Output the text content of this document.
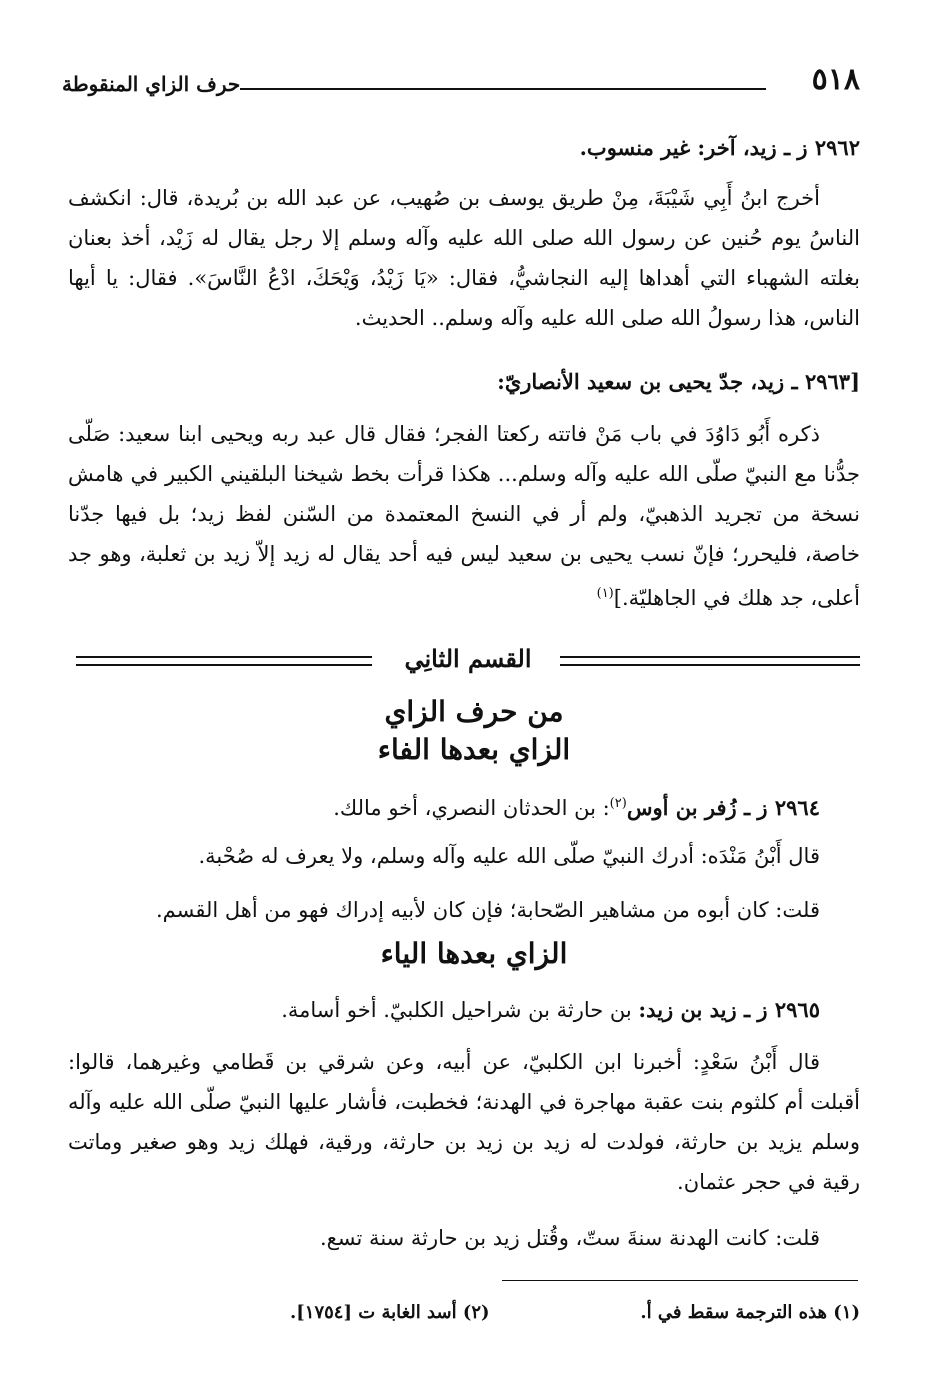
٥١٨
حرف الزاي المنقوطة
٢٩٦٢ ز ـ زيد، آخر: غير منسوب.
أخرج ابنُ أَبِي شَيْبَةَ، مِنْ طريق يوسف بن صُهيب، عن عبد الله بن بُريدة، قال: انكشف الناسُ يوم حُنين عن رسول الله صلى الله عليه وآله وسلم إلا رجل يقال له زَيْد، أخذ بعنان بغلته الشهباء التي أهداها إليه النجاشيُّ، فقال: «يَا زَيْدُ، وَيْحَكَ، ادْعُ النَّاسَ». فقال: يا أيها الناس، هذا رسولُ الله صلى الله عليه وآله وسلم.. الحديث.
[٢٩٦٣ ـ زيد، جدّ يحيى بن سعيد الأنصاريّ:
ذكره أَبُو دَاوُدَ في باب مَنْ فاتته ركعتا الفجر؛ فقال قال عبد ربه ويحيى ابنا سعيد: صَلّى جدُّنا مع النبيّ صلّى الله عليه وآله وسلم... هكذا قرأت بخط شيخنا البلقيني الكبير في هامش نسخة من تجريد الذهبيّ، ولم أر في النسخ المعتمدة من السّنن لفظ زيد؛ بل فيها جدّنا خاصة، فليحرر؛ فإنّ نسب يحيى بن سعيد ليس فيه أحد يقال له زيد إلاّ زيد بن ثعلبة، وهو جد أعلى، جد هلك في الجاهليّة.]$^{(١)}$
القسم الثانِي
من حرف الزاي
الزاي بعدها الفاء
٢٩٦٤ ز ـ زُفر بن أوس$^{(٢)}$: بن الحدثان النصري، أخو مالك.
قال أَبْنُ مَنْدَه: أدرك النبيّ صلّى الله عليه وآله وسلم، ولا يعرف له صُحْبة.
قلت: كان أبوه من مشاهير الصّحابة؛ فإن كان لأبيه إدراك فهو من أهل القسم.
الزاي بعدها الياء
٢٩٦٥ ز ـ زيد بن زيد: بن حارثة بن شراحيل الكلبيّ. أخو أسامة.
قال أَبْنُ سَعْدٍ: أخبرنا ابن الكلبيّ، عن أبيه، وعن شرقي بن قَطامي وغيرهما، قالوا: أقبلت أم كلثوم بنت عقبة مهاجرة في الهدنة؛ فخطبت، فأشار عليها النبيّ صلّى الله عليه وآله وسلم يزيد بن حارثة، فولدت له زيد بن زيد بن حارثة، ورقية، فهلك زيد وهو صغير وماتت رقية في حجر عثمان.
قلت: كانت الهدنة سنةَ ستّ، وقُتل زيد بن حارثة سنة تسع.
(١) هذه الترجمة سقط في أ.
(٢) أسد الغابة ت [١٧٥٤].
